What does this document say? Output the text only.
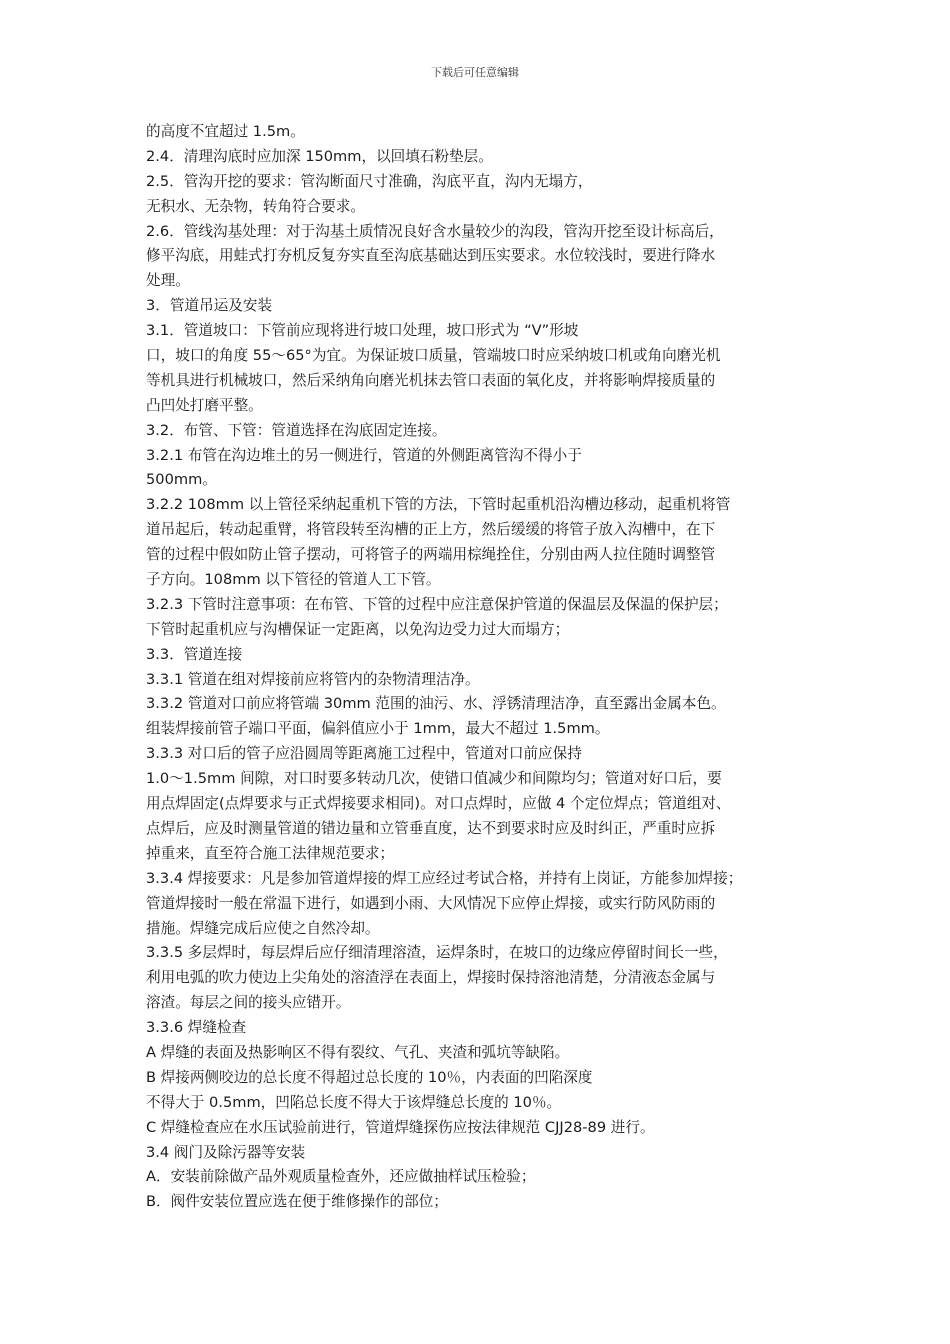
下载后可任意编辑
的高度不宜超过 1.5m。
2.4．清理沟底时应加深 150mm，以回填石粉垫层。
2.5．管沟开挖的要求：管沟断面尺寸准确，沟底平直，沟内无塌方，
无积水、无杂物，转角符合要求。
2.6．管线沟基处理：对于沟基土质情况良好含水量较少的沟段，管沟开挖至设计标高后，
修平沟底，用蛙式打夯机反复夯实直至沟底基础达到压实要求。水位较浅时，要进行降水
处理。
3．管道吊运及安装
3.1．管道坡口：下管前应现将进行坡口处理，坡口形式为 “V”形坡
口，坡口的角度 55～65°为宜。为保证坡口质量，管端坡口时应采纳坡口机或角向磨光机
等机具进行机械坡口，然后采纳角向磨光机抹去管口表面的氧化皮，并将影响焊接质量的
凸凹处打磨平整。
3.2．布管、下管：管道选择在沟底固定连接。
3.2.1 布管在沟边堆土的另一侧进行，管道的外侧距离管沟不得小于
500mm。
3.2.2 108mm 以上管径采纳起重机下管的方法，下管时起重机沿沟槽边移动，起重机将管
道吊起后，转动起重臂，将管段转至沟槽的正上方，然后缓缓的将管子放入沟槽中，在下
管的过程中假如防止管子摆动，可将管子的两端用棕绳拴住，分别由两人拉住随时调整管
子方向。108mm 以下管径的管道人工下管。
3.2.3 下管时注意事项：在布管、下管的过程中应注意保护管道的保温层及保温的保护层；
下管时起重机应与沟槽保证一定距离，以免沟边受力过大而塌方；
3.3．管道连接
3.3.1 管道在组对焊接前应将管内的杂物清理洁净。
3.3.2 管道对口前应将管端 30mm 范围的油污、水、浮锈清理洁净，直至露出金属本色。
组装焊接前管子端口平面，偏斜值应小于 1mm，最大不超过 1.5mm。
3.3.3 对口后的管子应沿圆周等距离施工过程中，管道对口前应保持
1.0～1.5mm 间隙，对口时要多转动几次，使错口值减少和间隙均匀；管道对好口后，要
用点焊固定(点焊要求与正式焊接要求相同)。对口点焊时，应做 4 个定位焊点；管道组对、
点焊后，应及时测量管道的错边量和立管垂直度，达不到要求时应及时纠正，严重时应拆
掉重来，直至符合施工法律规范要求；
3.3.4 焊接要求：凡是参加管道焊接的焊工应经过考试合格，并持有上岗证，方能参加焊接；
管道焊接时一般在常温下进行，如遇到小雨、大风情况下应停止焊接，或实行防风防雨的
措施。焊缝完成后应使之自然冷却。
3.3.5 多层焊时，每层焊后应仔细清理溶渣，运焊条时，在坡口的边缘应停留时间长一些，
利用电弧的吹力使边上尖角处的溶渣浮在表面上，焊接时保持溶池清楚，分清液态金属与
溶渣。每层之间的接头应错开。
3.3.6 焊缝检查
A 焊缝的表面及热影响区不得有裂纹、气孔、夹渣和弧坑等缺陷。
B 焊接两侧咬边的总长度不得超过总长度的 10％，内表面的凹陷深度
不得大于 0.5mm，凹陷总长度不得大于该焊缝总长度的 10％。
C 焊缝检查应在水压试验前进行，管道焊缝探伤应按法律规范 CJJ28-89 进行。
3.4 阀门及除污器等安装
A．安装前除做产品外观质量检查外，还应做抽样试压检验；
B．阀件安装位置应选在便于维修操作的部位；
